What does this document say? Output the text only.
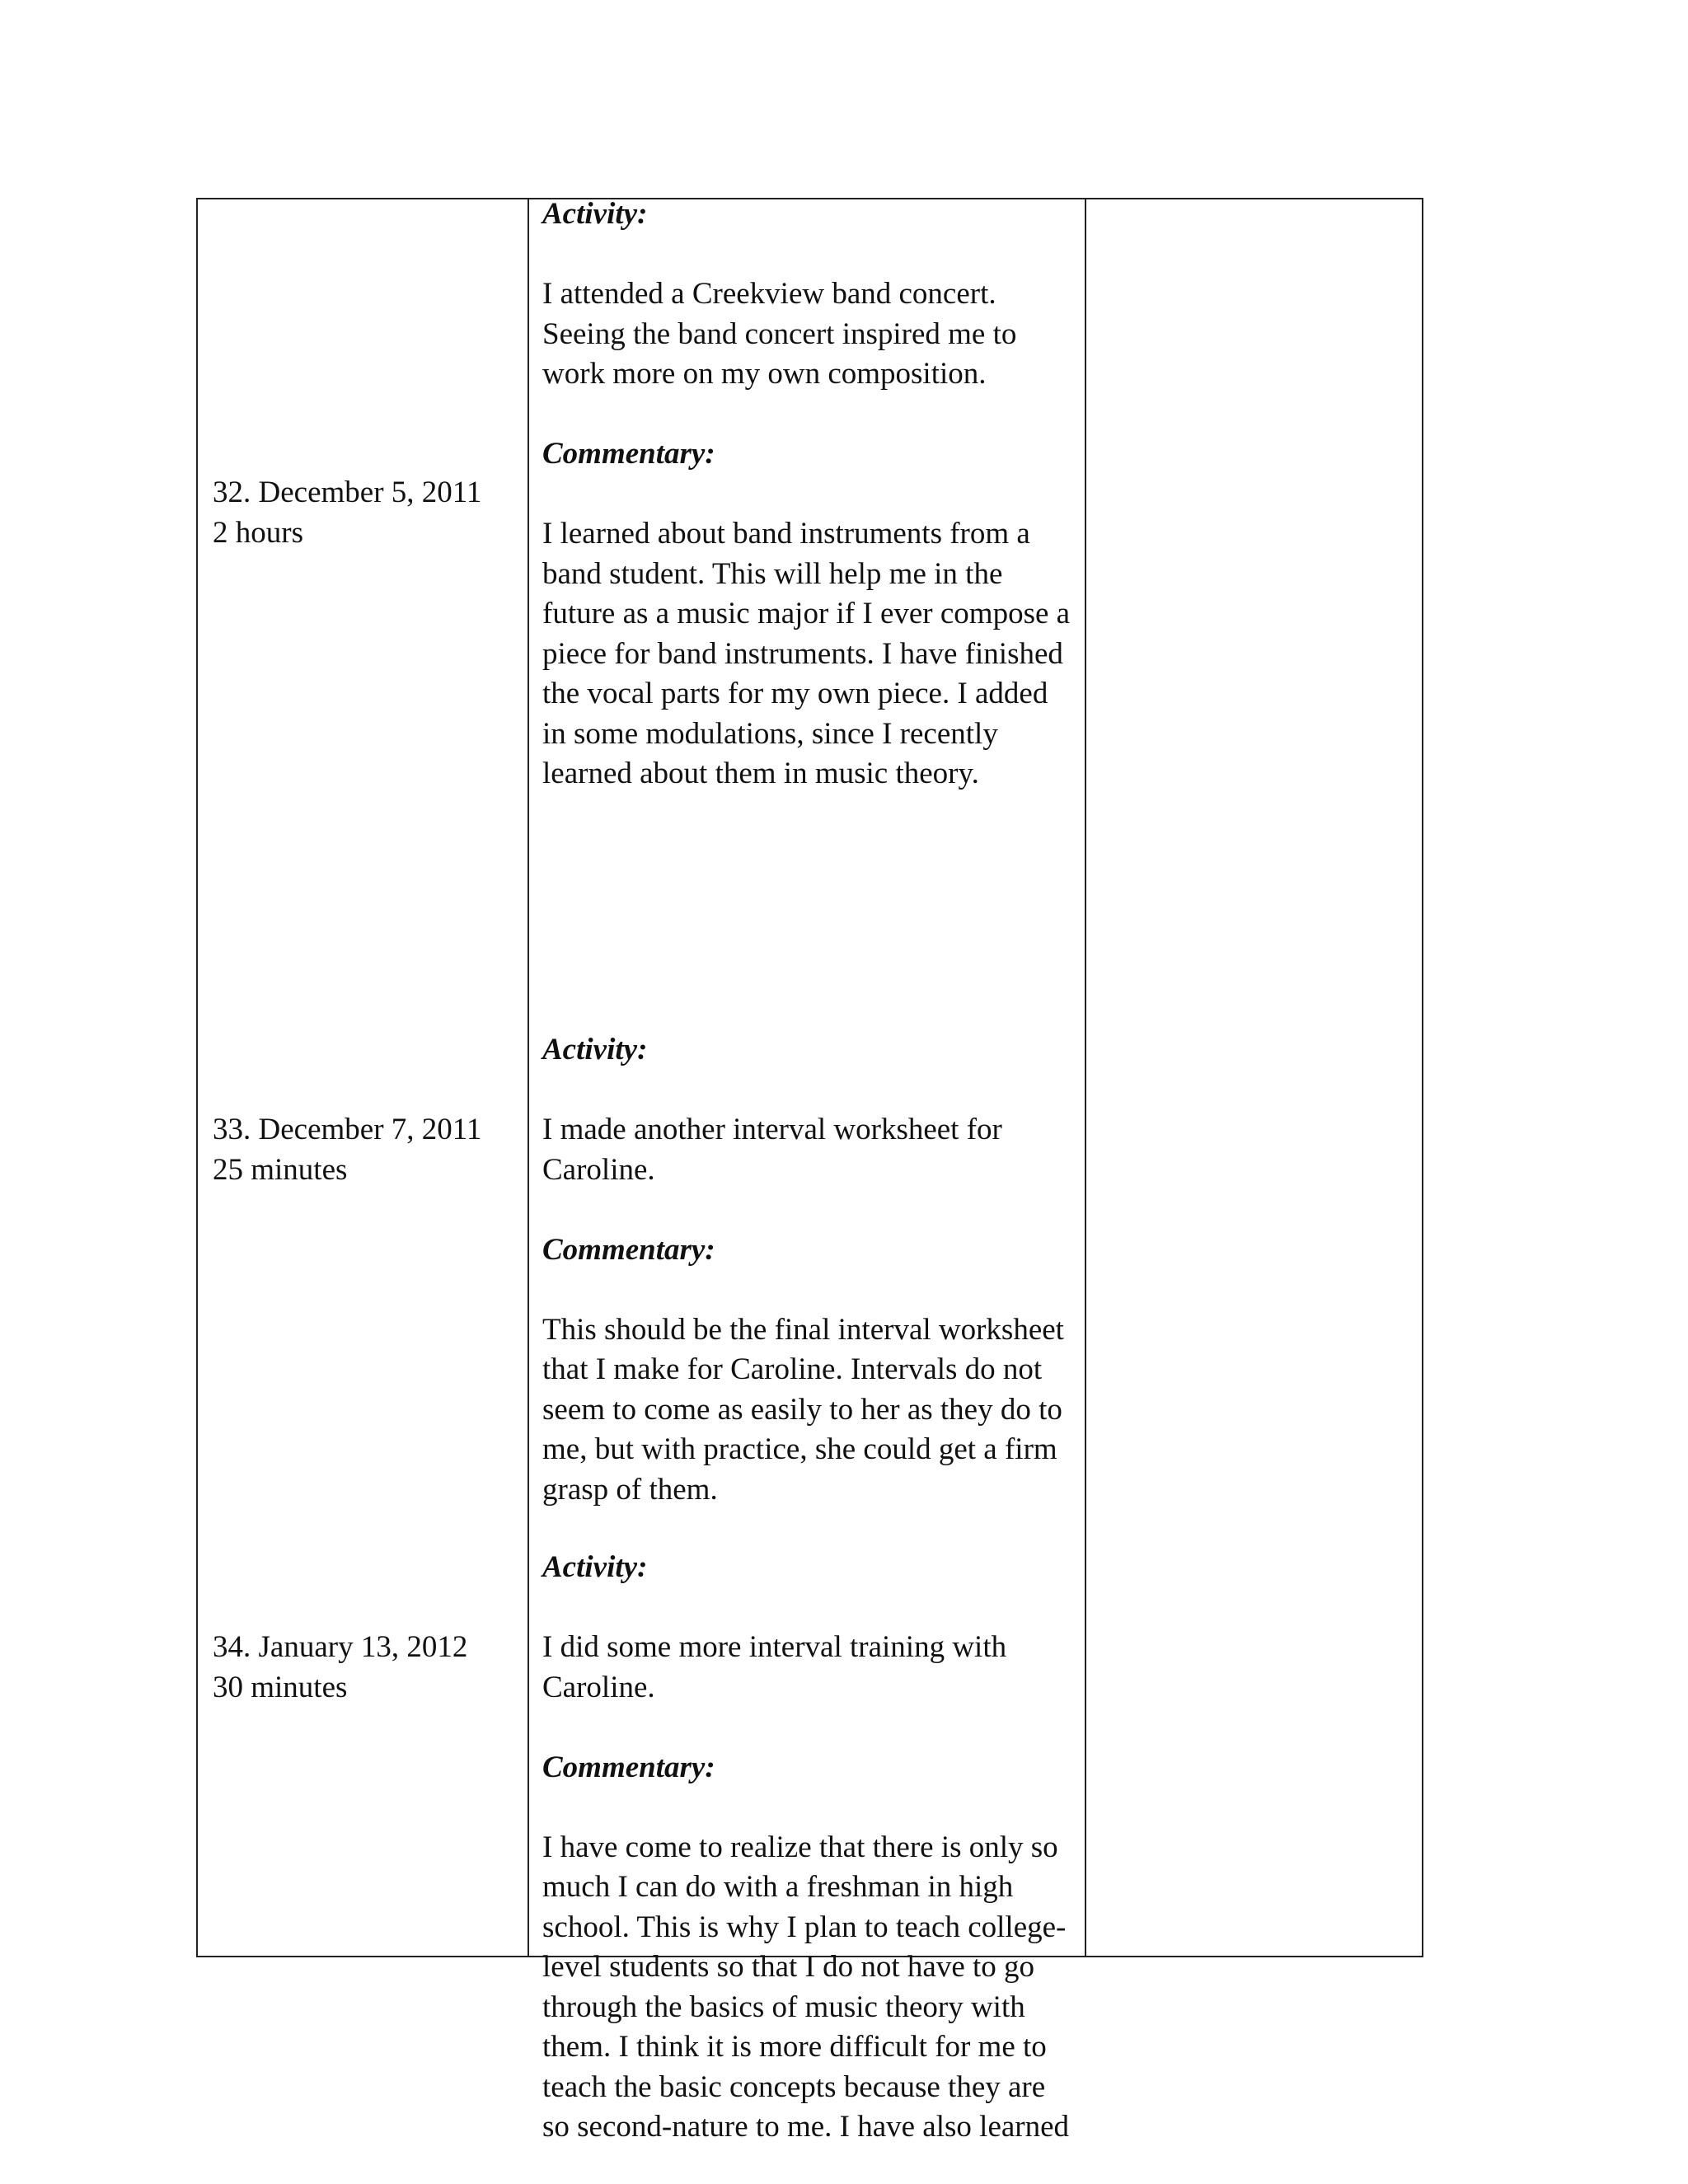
32. December 5, 2011
2 hours
Activity:

I attended a Creekview band concert.
Seeing the band concert inspired me to
work more on my own composition.

Commentary:

I learned about band instruments from a
band student. This will help me in the
future as a music major if I ever compose a
piece for band instruments. I have finished
the vocal parts for my own piece. I added
in some modulations, since I recently
learned about them in music theory.
33. December 7, 2011
25 minutes
Activity:

I made another interval worksheet for
Caroline.

Commentary:

This should be the final interval worksheet
that I make for Caroline. Intervals do not
seem to come as easily to her as they do to
me, but with practice, she could get a firm
grasp of them.
34. January 13, 2012
30 minutes
Activity:

I did some more interval training with
Caroline.

Commentary:

I have come to realize that there is only so
much I can do with a freshman in high
school. This is why I plan to teach college-
level students so that I do not have to go
through the basics of music theory with
them. I think it is more difficult for me to
teach the basic concepts because they are
so second-nature to me. I have also learned
